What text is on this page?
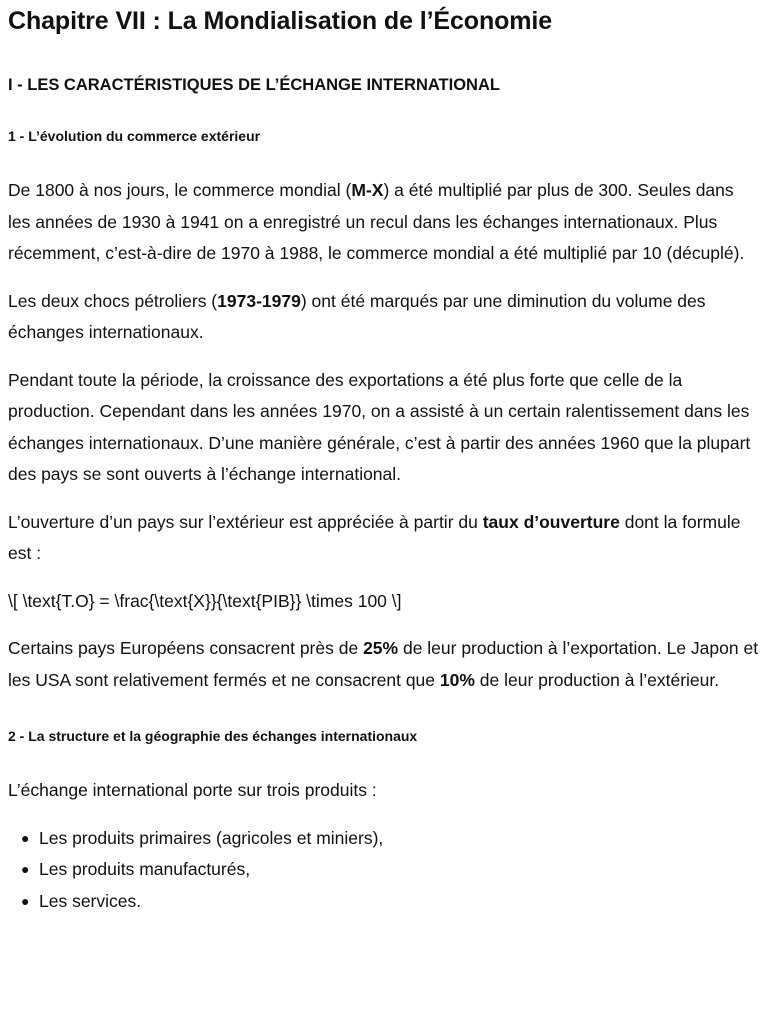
Chapitre VII : La Mondialisation de l’Économie
I - LES CARACTÉRISTIQUES DE L’ÉCHANGE INTERNATIONAL
1 - L’évolution du commerce extérieur

De 1800 à nos jours, le commerce mondial (M-X) a été multiplié par plus de 300. Seules dans les années de 1930 à 1941 on a enregistré un recul dans les échanges internationaux. Plus récemment, c’est-à-dire de 1970 à 1988, le commerce mondial a été multiplié par 10 (décuplé).

Les deux chocs pétroliers (1973-1979) ont été marqués par une diminution du volume des échanges internationaux.

Pendant toute la période, la croissance des exportations a été plus forte que celle de la production. Cependant dans les années 1970, on a assisté à un certain ralentissement dans les échanges internationaux. D’une manière générale, c’est à partir des années 1960 que la plupart des pays se sont ouverts à l’échange international.

L’ouverture d’un pays sur l’extérieur est appréciée à partir du taux d’ouverture dont la formule est :

\[ \text{T.O} = \frac{\text{X}}{\text{PIB}} \times 100 \]

Certains pays Européens consacrent près de 25% de leur production à l’exportation. Le Japon et les USA sont relativement fermés et ne consacrent que 10% de leur production à l’extérieur.

2 - La structure et la géographie des échanges internationaux

L’échange international porte sur trois produits :

● Les produits primaires (agricoles et miniers),
● Les produits manufacturés,
● Les services.
